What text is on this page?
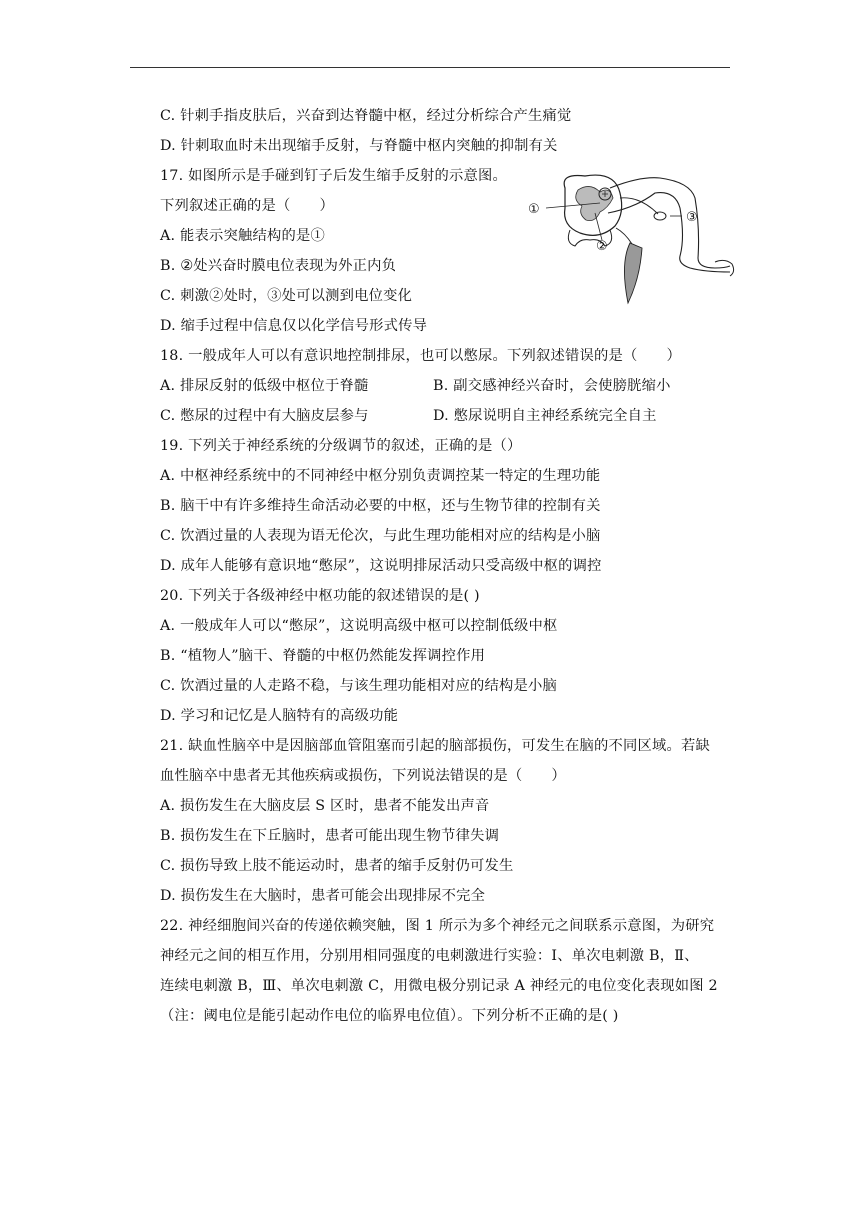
C. 针刺手指皮肤后，兴奋到达脊髓中枢，经过分析综合产生痛觉
D. 针刺取血时未出现缩手反射，与脊髓中枢内突触的抑制有关
17. 如图所示是手碰到钉子后发生缩手反射的示意图。
下列叙述正确的是（　　）
A. 能表示突触结构的是①
B. ②处兴奋时膜电位表现为外正内负
C. 刺激②处时，③处可以测到电位变化
D. 缩手过程中信息仅以化学信号形式传导
18. 一般成年人可以有意识地控制排尿，也可以憋尿。下列叙述错误的是（　　）
A. 排尿反射的低级中枢位于脊髓	B. 副交感神经兴奋时，会使膀胱缩小
C. 憋尿的过程中有大脑皮层参与	D. 憋尿说明自主神经系统完全自主
19. 下列关于神经系统的分级调节的叙述，正确的是（）
A. 中枢神经系统中的不同神经中枢分别负责调控某一特定的生理功能
B. 脑干中有许多维持生命活动必要的中枢，还与生物节律的控制有关
C. 饮酒过量的人表现为语无伦次，与此生理功能相对应的结构是小脑
D. 成年人能够有意识地“憋尿”，这说明排尿活动只受高级中枢的调控
20. 下列关于各级神经中枢功能的叙述错误的是( )
A. 一般成年人可以“憋尿”，这说明高级中枢可以控制低级中枢
B. “植物人”脑干、脊髓的中枢仍然能发挥调控作用
C. 饮酒过量的人走路不稳，与该生理功能相对应的结构是小脑
D. 学习和记忆是人脑特有的高级功能
21. 缺血性脑卒中是因脑部血管阻塞而引起的脑部损伤，可发生在脑的不同区域。若缺
血性脑卒中患者无其他疾病或损伤，下列说法错误的是（　　）
A. 损伤发生在大脑皮层 S 区时，患者不能发出声音
B. 损伤发生在下丘脑时，患者可能出现生物节律失调
C. 损伤导致上肢不能运动时，患者的缩手反射仍可发生
D. 损伤发生在大脑时，患者可能会出现排尿不完全
22. 神经细胞间兴奋的传递依赖突触，图 1 所示为多个神经元之间联系示意图，为研究
神经元之间的相互作用，分别用相同强度的电刺激进行实验：Ⅰ、单次电刺激 B，Ⅱ、
连续电刺激 B，Ⅲ、单次电刺激 C，用微电极分别记录 A 神经元的电位变化表现如图 2
（注：阈电位是能引起动作电位的临界电位值）。下列分析不正确的是( )
①
②
③
